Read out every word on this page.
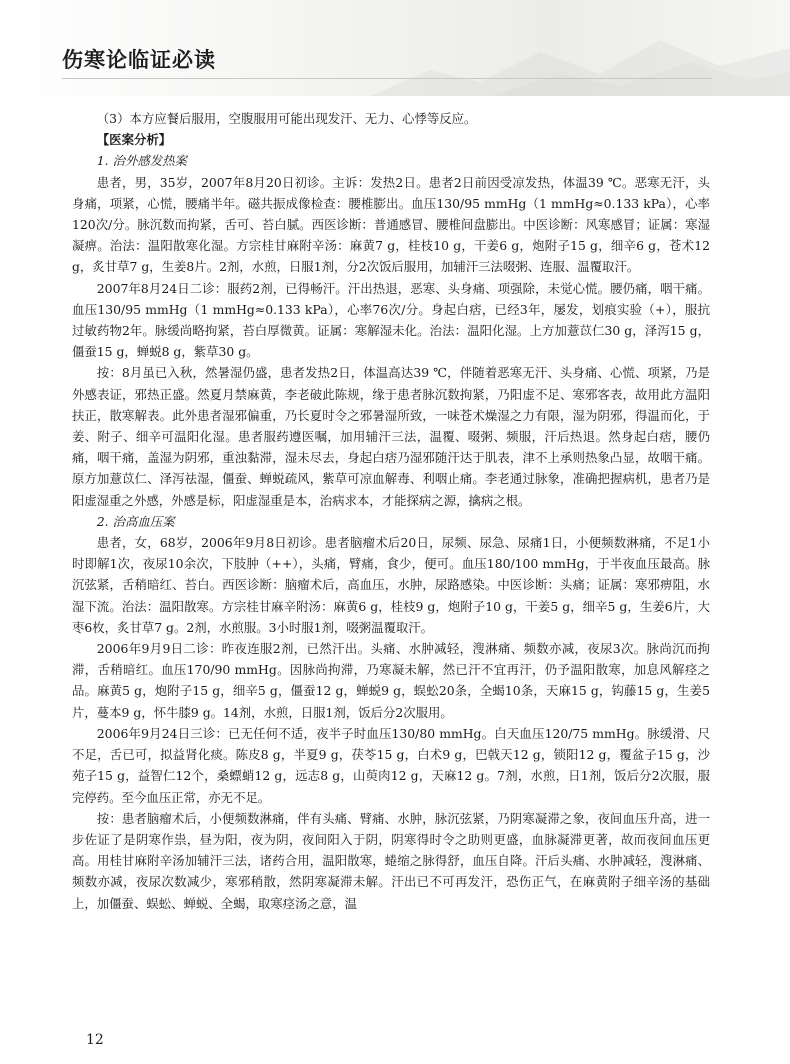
伤寒论临证必读

（3）本方应餐后服用，空腹服用可能出现发汗、无力、心悸等反应。

【医案分析】

1. 治外感发热案

患者，男，35岁，2007年8月20日初诊。主诉：发热2日。患者2日前因受凉发热，体温39 ℃。恶寒无汗，头身痛，项紧，心慌，腰痛半年。磁共振成像检查：腰椎膨出。血压130/95 mmHg（1 mmHg≈0.133 kPa），心率120次/分。脉沉数而拘紧，舌可、苔白腻。西医诊断：普通感冒、腰椎间盘膨出。中医诊断：风寒感冒；证属：寒湿凝痹。治法：温阳散寒化湿。方宗桂甘麻附辛汤：麻黄7 g，桂枝10 g，干姜6 g，炮附子15 g，细辛6 g，苍术12 g，炙甘草7 g，生姜8片。2剂，水煎，日服1剂，分2次饭后服用，加辅汗三法啜粥、连服、温覆取汗。

2007年8月24日二诊：服药2剂，已得畅汗。汗出热退，恶寒、头身痛、项强除，未觉心慌。腰仍痛，咽干痛。血压130/95 mmHg（1 mmHg≈0.133 kPa），心率76次/分。身起白痞，已经3年，屡发，划痕实验（+），服抗过敏药物2年。脉缓尚略拘紧，苔白厚微黄。证属：寒解湿未化。治法：温阳化湿。上方加薏苡仁30 g，泽泻15 g，僵蚕15 g，蝉蜕8 g，紫草30 g。

按：8月虽已入秋，然暑湿仍盛，患者发热2日，体温高达39 ℃，伴随着恶寒无汗、头身痛、心慌、项紧，乃是外感表证，邪热正盛。然夏月禁麻黄，李老破此陈规，缘于患者脉沉数拘紧，乃阳虚不足、寒邪客表，故用此方温阳扶正，散寒解表。此外患者湿邪偏重，乃长夏时令之邪暑湿所致，一味苍术燥湿之力有限，湿为阴邪，得温而化，于姜、附子、细辛可温阳化湿。患者服药遵医嘱，加用辅汗三法，温覆、啜粥、频服，汗后热退。然身起白痞，腰仍痛，咽干痛，盖湿为阴邪，重浊黏滞，湿未尽去，身起白痞乃湿邪随汗达于肌表，津不上承则热象凸显，故咽干痛。原方加薏苡仁、泽泻祛湿，僵蚕、蝉蜕疏风，紫草可凉血解毒、利咽止痛。李老通过脉象，准确把握病机，患者乃是阳虚湿重之外感，外感是标，阳虚湿重是本，治病求本，才能探病之源，擒病之根。

2. 治高血压案

患者，女，68岁，2006年9月8日初诊。患者脑瘤术后20日，尿频、尿急、尿痛1日，小便频数淋痛，不足1小时即解1次，夜尿10余次，下肢肿（++），头痛，臂痛，食少，便可。血压180/100 mmHg，于半夜血压最高。脉沉弦紧，舌稍暗红、苔白。西医诊断：脑瘤术后，高血压，水肿，尿路感染。中医诊断：头痛；证属：寒邪痹阻，水湿下流。治法：温阳散寒。方宗桂甘麻辛附汤：麻黄6 g，桂枝9 g，炮附子10 g，干姜5 g，细辛5 g，生姜6片，大枣6枚，炙甘草7 g。2剂，水煎服。3小时服1剂，啜粥温覆取汗。

2006年9月9日二诊：昨夜连服2剂，已然汗出。头痛、水肿减轻，溲淋痛、频数亦减，夜尿3次。脉尚沉而拘滞，舌稍暗红。血压170/90 mmHg。因脉尚拘滞，乃寒凝未解，然已汗不宜再汗，仍予温阳散寒，加息风解痉之品。麻黄5 g，炮附子15 g，细辛5 g，僵蚕12 g，蝉蜕9 g，蜈蚣20条，全蝎10条，天麻15 g，钩藤15 g，生姜5片，蔓本9 g，怀牛膝9 g。14剂，水煎，日服1剂，饭后分2次服用。

2006年9月24日三诊：已无任何不适，夜半子时血压130/80 mmHg。白天血压120/75 mmHg。脉缓滑、尺不足，舌已可，拟益肾化痰。陈皮8 g，半夏9 g，茯苓15 g，白术9 g，巴戟天12 g，锁阳12 g，覆盆子15 g，沙苑子15 g，益智仁12个，桑螵蛸12 g，远志8 g，山萸肉12 g，天麻12 g。7剂，水煎，日1剂，饭后分2次服，服完停药。至今血压正常，亦无不足。

按：患者脑瘤术后，小便频数淋痛，伴有头痛、臂痛、水肿，脉沉弦紧，乃阴寒凝滞之象，夜间血压升高，进一步佐证了是阴寒作祟，昼为阳，夜为阴，夜间阳入于阴，阴寒得时令之助则更盛，血脉凝滞更著，故而夜间血压更高。用桂甘麻附辛汤加辅汗三法，诸药合用，温阳散寒，蜷缩之脉得舒，血压自降。汗后头痛、水肿减轻，溲淋痛、频数亦减，夜尿次数减少，寒邪稍散，然阴寒凝滞未解。汗出已不可再发汗，恐伤正气，在麻黄附子细辛汤的基础上，加僵蚕、蜈蚣、蝉蜕、全蝎，取寒痉汤之意，温

12
